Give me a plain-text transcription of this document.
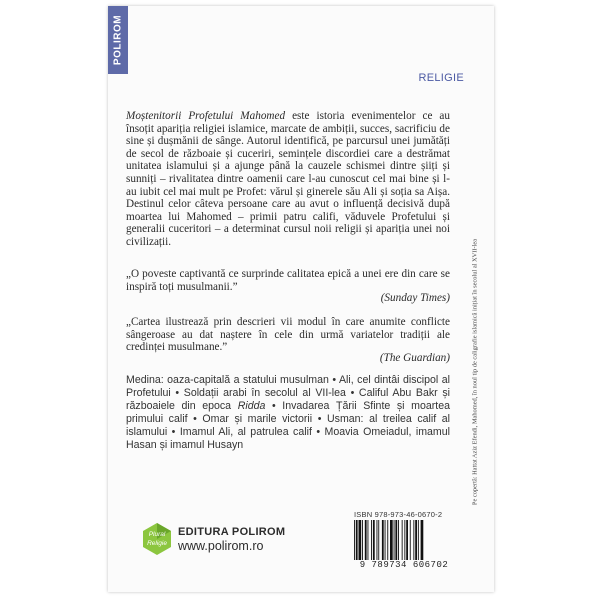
POLIROM
RELIGIE

Moștenitorii Profetului Mahomed este istoria evenimentelor ce au însoțit apariția religiei islamice, marcate de ambiții, succes, sacrificiu de sine și dușmănii de sânge. Autorul identifică, pe parcursul unei jumătăți de secol de războaie și cuceriri, semințele discordiei care a destrămat unitatea islamului și a ajunge până la cauzele schismei dintre șiiți și sunniți – rivalitatea dintre oamenii care l-au cunoscut cel mai bine și l-au iubit cel mai mult pe Profet: vărul și ginerele său Ali și soția sa Aișa. Destinul celor câteva persoane care au avut o influență decisivă după moartea lui Mahomed – primii patru califi, văduvele Profetului și generalii cuceritori – a determinat cursul noii religii și apariția unei noi civilizații.

„O poveste captivantă ce surprinde calitatea epică a unei ere din care se inspiră toți musulmanii.”

(Sunday Times)

„Cartea ilustrează prin descrieri vii modul în care anumite conflicte sângeroase au dat naștere în cele din urmă variatelor tradiții ale credinței musulmane.”

(The Guardian)

Medina: oaza-capitală a statului musulman • Ali, cel dintâi discipol al Profetului • Soldații arabi în secolul al VII-lea • Califul Abu Bakr și războaiele din epoca Ridda • Invadarea Țării Sfinte și moartea primului calif • Omar și marile victorii • Usman: al treilea calif al islamului • Imamul Ali, al patrulea calif • Moavia Omeiadul, imamul Hasan și imamul Husayn

Plural
Religie
EDITURA POLIROM
www.polirom.ro
ISBN 978-973-46-0670-2
9 789734 606702
Pe copertă: Hattat Aziz Efendi, Mahomed, în noul tip de caligrafie islamică inițiat în secolul al XVII-lea
